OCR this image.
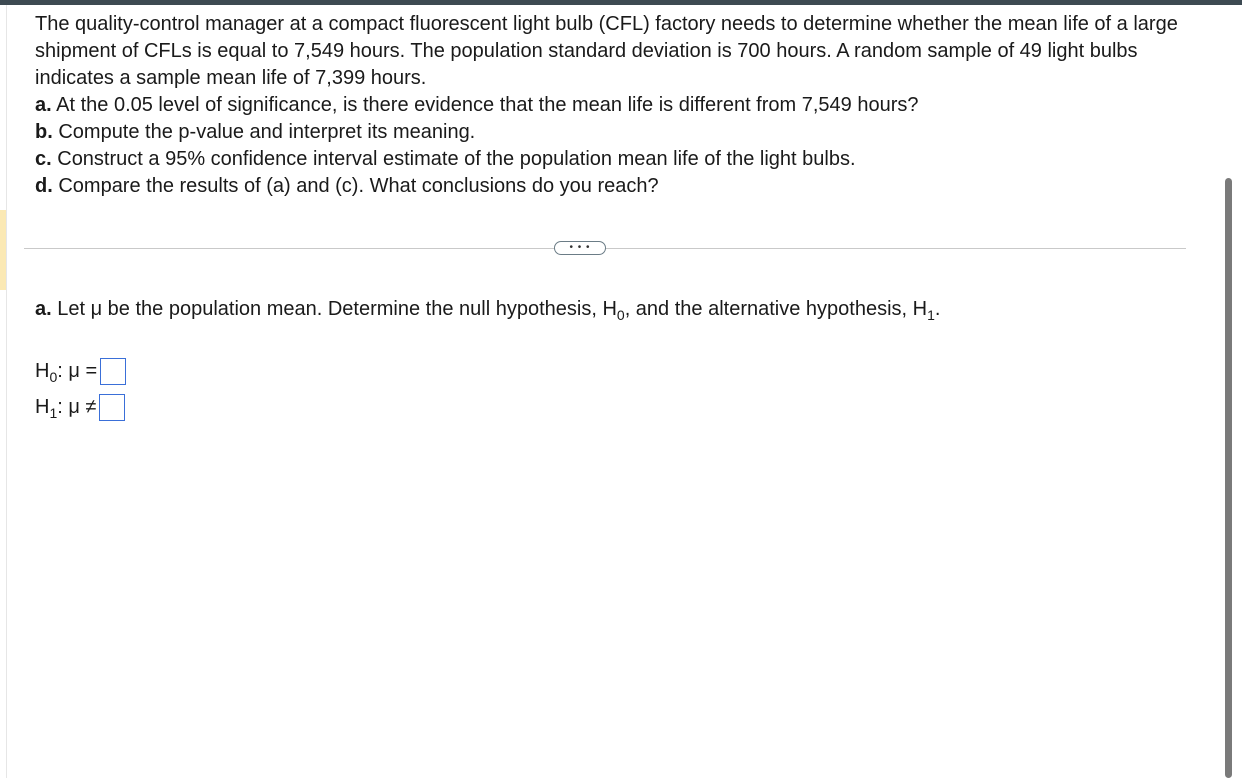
The quality-control manager at a compact fluorescent light bulb (CFL) factory needs to determine whether the mean life of a large shipment of CFLs is equal to 7,549 hours. The population standard deviation is 700 hours. A random sample of 49 light bulbs indicates a sample mean life of 7,399 hours.

a. At the 0.05 level of significance, is there evidence that the mean life is different from 7,549 hours?

b. Compute the p-value and interpret its meaning.

c. Construct a 95% confidence interval estimate of the population mean life of the light bulbs.

d. Compare the results of (a) and (c). What conclusions do you reach?

• • •
a. Let μ be the population mean. Determine the null hypothesis, $H_0$, and the alternative hypothesis, $H_1$.
$H_0$: μ =
$H_1$: μ ≠
